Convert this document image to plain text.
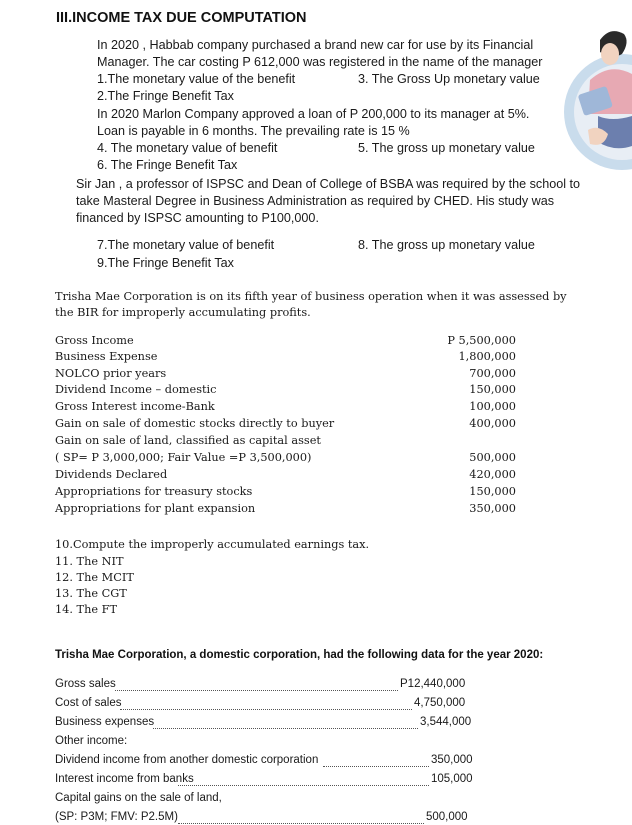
III.INCOME TAX DUE COMPUTATION
In 2020 , Habbab company purchased a brand new car for use by its Financial
Manager. The car costing P 612,000 was registered in the name of the manager
1.The monetary value of the benefit	3. The Gross Up monetary value
2.The Fringe Benefit Tax
In 2020 Marlon Company approved a loan of P 200,000 to its manager at 5%.
Loan is payable in 6 months. The prevailing rate is 15 %
4. The monetary value of benefit	5. The gross up monetary value
6. The Fringe Benefit Tax
Sir Jan , a professor of ISPSC and Dean of College of BSBA was required by the school to
take Masteral Degree in Business Administration as required by CHED. His study was
financed by ISPSC amounting to P100,000.
7.The monetary value of benefit	8. The gross up monetary value
9.The Fringe Benefit Tax
Trisha Mae Corporation is on its fifth year of business operation when it was assessed by
the BIR for improperly accumulating profits.
Gross Income	P 5,500,000
Business Expense	1,800,000
NOLCO prior years	700,000
Dividend Income – domestic	150,000
Gross Interest income-Bank	100,000
Gain on sale of domestic stocks directly to buyer	400,000
Gain on sale of land, classified as capital asset
( SP= P 3,000,000; Fair Value =P 3,500,000)	500,000
Dividends Declared	420,000
Appropriations for treasury stocks	150,000
Appropriations for plant expansion	350,000
10.Compute the improperly accumulated earnings tax.
11. The NIT
12. The MCIT
13. The CGT
14. The FT
Trisha Mae Corporation, a domestic corporation, had the following data for the year 2020:
Gross sales	P12,440,000
Cost of sales	4,750,000
Business expenses	3,544,000
Other income:
Dividend income from another domestic corporation	350,000
Interest income from banks	105,000
Capital gains on the sale of land,
(SP: P3M; FMV: P2.5M)	500,000
